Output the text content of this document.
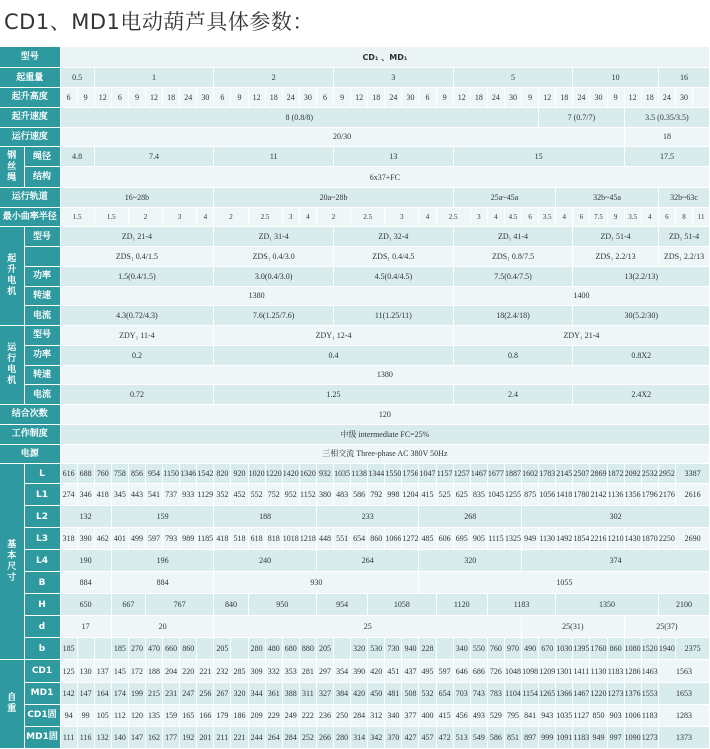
CD1、MD1电动葫芦具体参数：
型号		CD₁ 、MD₁																																					
起重量		0.5		1							2							3							5							10					16		
起升高度		6	9	12	6	9	12	18	24	30	6	9	12	18	24	30	6	9	12	18	24	30	6	9	12	18	24	30	9	12	18	24	30	9	12	18	24	30	
起升速度		8 (0.8/8)																												7 (0.7/7)					3.5 (0.35/3.5)				
运行速度		20/30																																	18				

钢丝绳	绳径	4.8		7.4							11							13							15										17.5				
	结构	6x37+FC																																					
运行轨道		16~28b									20a~28b														25a~45a						32b~45a						32b~63c		
最小曲率半径		1.5		1.5		2		3		4	2		2.5		3	4	2		2.5		3		4	2.5		3	4	4.5	6	3.5	4	6	7.5	9	3.5	4	6	8	11

起升电机	型号	ZD₁ 21-4									ZD₁ 31-4							ZD₁ 32-4							ZD₁ 41-4							ZD₁ 51-4					ZD₁ 51-4		
		ZDS₁ 0.4/1.5									ZDS₁ 0.4/3.0							ZDS₁ 0.4/4.5							ZDS₁ 0.8/7.5							ZDS₁ 2.2/13					ZDS₁ 2.2/13		
	功率	1.5(0.4/1.5)									3.0(0.4/3.0)							4.5(0.4/4.5)							7.5(0.4/7.5)							13(2.2/13)							
	转速	1380																							1400														
	电流	4.3(0.72/4.3)									7.6(1.25/7.6)							11(1.25/11)							18(2.4/18)							30(5.2/30)							

运行电机	型号	ZDY₁ 11-4									ZDY₁ 12-4														ZDY₁ 21-4														
	功率	0.2									0.4														0.8							0.8X2							
	转速	1380																																					
	电流	0.72									1.25														2.4							2.4X2							
结合次数		120																																					
工作制度		中级 intermediate FC=25%																																					
电源		三相交流 Three-phase AC 380V 50Hz																																					

基本尺寸	L	616	688	760	758	856	954	1150	1346	1542	820	920	1020	1220	1420	1620	932	1035	1138	1344	1550	1756	1047	1157	1257	1467	1677	1887	1602	1783	2145	2507	2869	1872	2092	2532	2952	3387	
	L1	274	346	418	345	443	541	737	933	1129	352	452	552	752	952	1152	380	483	586	792	998	1204	415	525	625	835	1045	1255	875	1056	1418	1780	2142	1136	1356	1796	2176	2616	
	L2	132			159						188						233						268						302										
	L3	318	390	462	401	499	597	793	989	1185	418	518	618	818	1018	1218	448	551	654	860	1066	1272	485	606	695	905	1115	1325	949	1130	1492	1854	2216	1210	1430	1870	2250	2690	
	L4	190			196						240						264						320						374										
	B	884			884						930												1055																
	H	650			667		767				840		950				954			1058				1120			1183				1350						2100		
	d	17			20						25																		25(31)						25(37)				
	b	185			185	270	470	660	860		205		280	480	680	880	205		320	530	730	940	228		340	550	760	970	490	670	1030	1395	1760	860	1080	1520	1940	2375	

自重	CD1	125	130	137	145	172	188	204	220	221	232	285	309	332	353	281	297	354	390	420	451	437	495	597	646	686	726	1048	1098	1209	1301	1411	1130	1183	1286	1463	1563		
	MD1	142	147	164	174	199	215	231	247	256	267	320	344	361	388	311	327	384	420	450	481	508	532	654	703	743	783	1104	1154	1265	1366	1467	1220	1273	1376	1553	1653		
	CD1固	94	99	105	112	120	135	159	165	166	179	186	209	229	249	222	236	250	284	312	340	377	400	415	456	493	529	795	841	943	1035	1127	850	903	1006	1183	1283		
	MD1固	111	116	132	140	147	162	177	192	201	211	221	244	264	284	252	266	280	314	342	370	427	457	472	513	549	586	851	897	999	1091	1183	949	997	1090	1273	1373		
